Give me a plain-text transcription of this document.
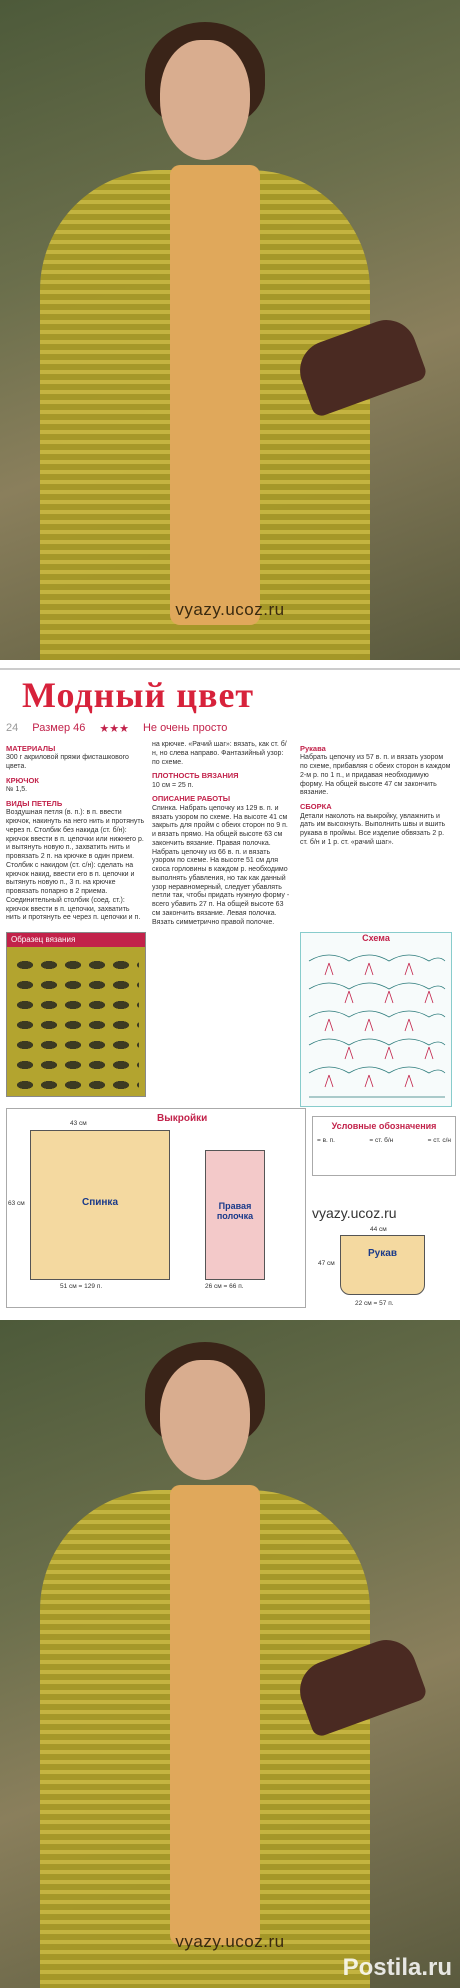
vyazy.ucoz.ru
Модный цвет
24 Размер 46 ★★★ Не очень просто
МАТЕРИАЛЫ

300 г акриловой пряжи фисташкового цвета.

КРЮЧОК

№ 1,5.

ВИДЫ ПЕТЕЛЬ

Воздушная петля (в. п.): в п. ввести крючок, накинуть на него нить и протянуть через п. Столбик без накида (ст. б/н): крючок ввести в п. цепочки или нижнего р. и вытянуть новую п., захватить нить и провязать 2 п. на крючке в один прием. Столбик с накидом (ст. с/н): сделать на крючок накид, ввести его в п. цепочки и вытянуть новую п., 3 п. на крючке провязать попарно в 2 приема. Соединительный столбик (соед. ст.): крючок ввести в п. цепочки, захватить нить и протянуть ее через п. цепочки и п.

на крючке. «Рачий шаг»: вязать, как ст. б/н, но слева направо. Фантазийный узор: по схеме.

ПЛОТНОСТЬ ВЯЗАНИЯ

10 см = 25 п.

ОПИСАНИЕ РАБОТЫ

Спинка. Набрать цепочку из 129 в. п. и вязать узором по схеме. На высоте 41 см закрыть для пройм с обеих сторон по 9 п. и вязать прямо. На общей высоте 63 см закончить вязание. Правая полочка. Набрать цепочку из 66 в. п. и вязать узором по схеме. На высоте 51 см для скоса горловины в каждом р. необходимо выполнять убавления, но так как данный узор неравномерный, следует убавлять петли так, чтобы придать нужную форму - всего убавить 27 п. На общей высоте 63 см закончить вязание. Левая полочка. Вязать симметрично правой полочке.

Рукава

Набрать цепочку из 57 в. п. и вязать узором по схеме, прибавляя с обеих сторон в каждом 2-м р. по 1 п., и придавая необходимую форму. На общей высоте 47 см закончить вязание.

СБОРКА

Детали наколоть на выкройку, увлажнить и дать им высохнуть. Выполнить швы и вшить рукава в проймы. Все изделие обвязать 2 р. ст. б/н и 1 р. ст. «рачий шаг».

Образец вязания	Схема
Выкройки
Спинка
43 см
51 см = 129 п.
63 см	Правая полочка
26 см = 66 п.
Условные обозначения
= в. п.	= ст. б/н	= ст. с/н
vyazy.ucoz.ru
Рукав
44 см
22 см = 57 п.
47 см
vyazy.ucoz.ru
Postila.ru
